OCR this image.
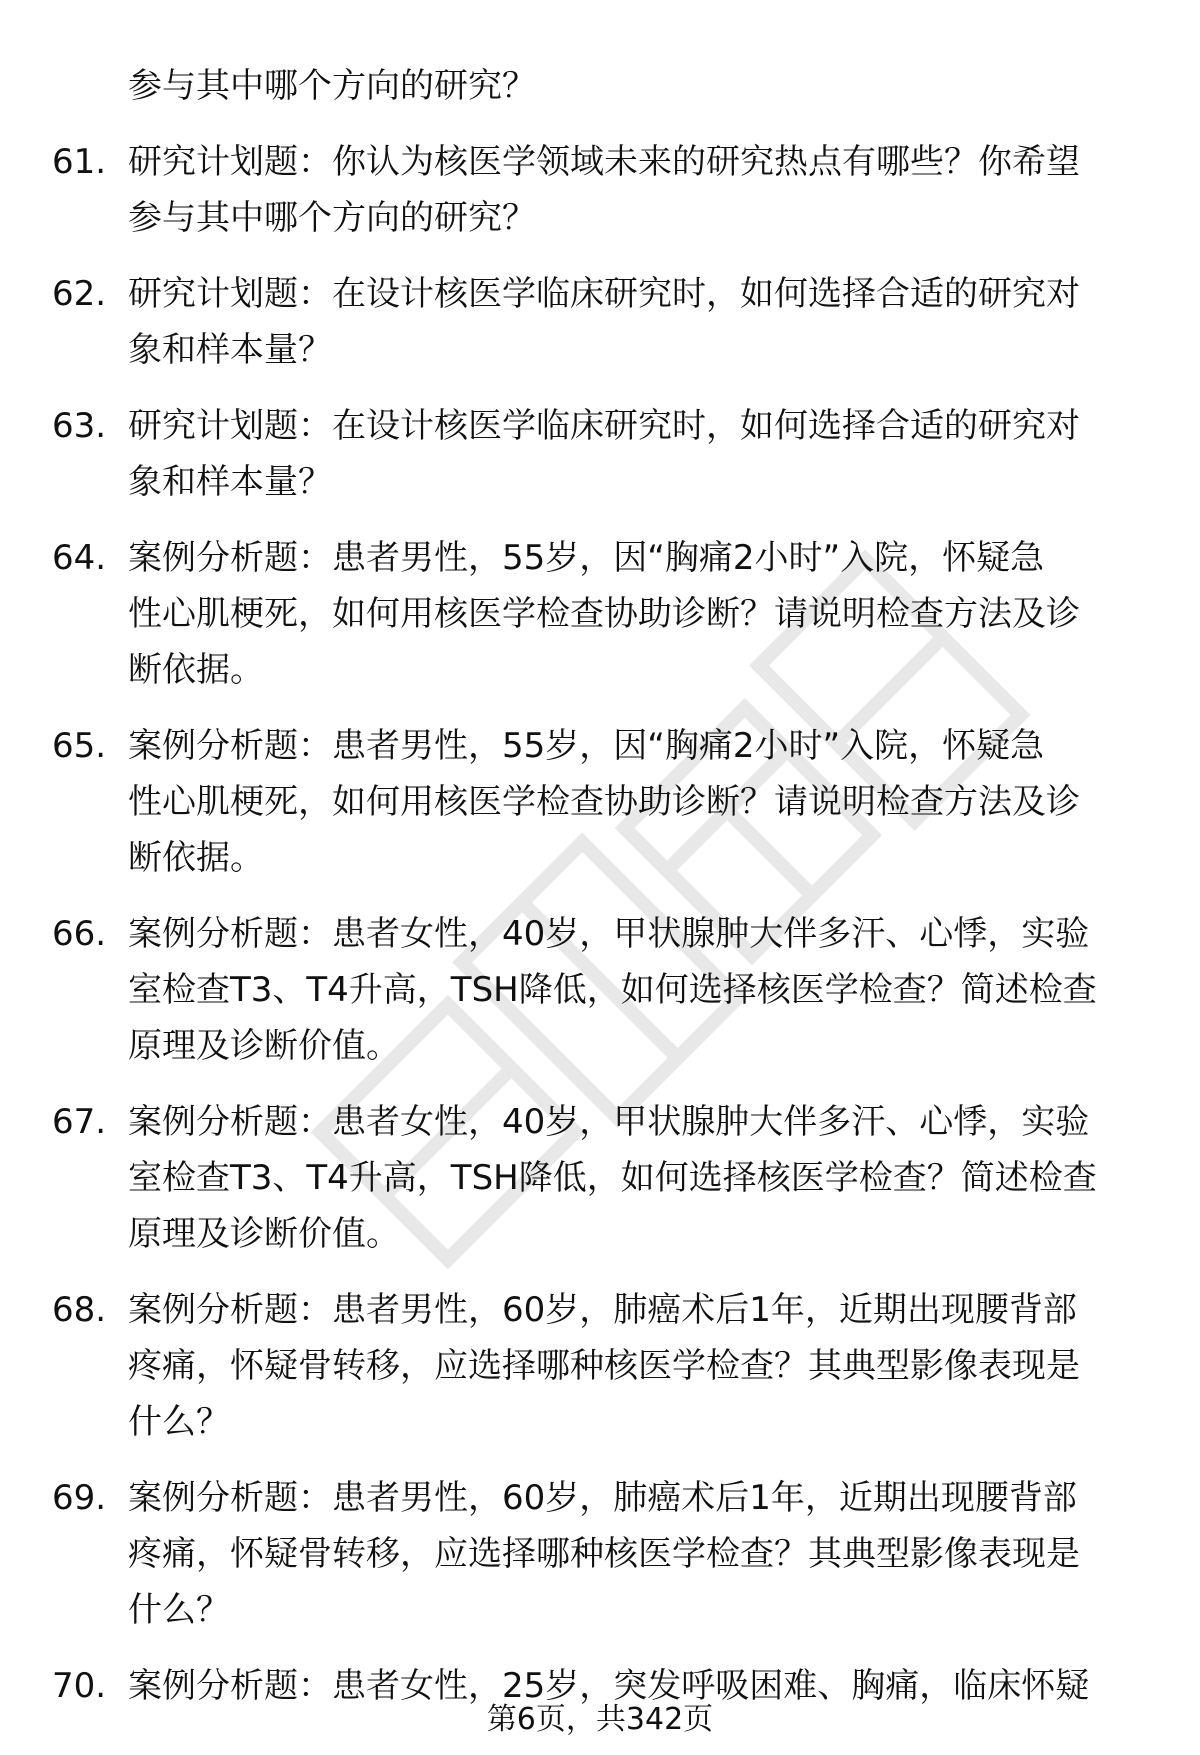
参与其中哪个方向的研究？
61. 研究计划题：你认为核医学领域未来的研究热点有哪些？你希望
参与其中哪个方向的研究？
62. 研究计划题：在设计核医学临床研究时，如何选择合适的研究对
象和样本量？
63. 研究计划题：在设计核医学临床研究时，如何选择合适的研究对
象和样本量？
64. 案例分析题：患者男性，55岁，因“胸痛2小时”入院，怀疑急
性心肌梗死，如何用核医学检查协助诊断？请说明检查方法及诊
断依据。
65. 案例分析题：患者男性，55岁，因“胸痛2小时”入院，怀疑急
性心肌梗死，如何用核医学检查协助诊断？请说明检查方法及诊
断依据。
66. 案例分析题：患者女性，40岁，甲状腺肿大伴多汗、心悸，实验
室检查T3、T4升高，TSH降低，如何选择核医学检查？简述检查
原理及诊断价值。
67. 案例分析题：患者女性，40岁，甲状腺肿大伴多汗、心悸，实验
室检查T3、T4升高，TSH降低，如何选择核医学检查？简述检查
原理及诊断价值。
68. 案例分析题：患者男性，60岁，肺癌术后1年，近期出现腰背部
疼痛，怀疑骨转移，应选择哪种核医学检查？其典型影像表现是
什么？
69. 案例分析题：患者男性，60岁，肺癌术后1年，近期出现腰背部
疼痛，怀疑骨转移，应选择哪种核医学检查？其典型影像表现是
什么？
70. 案例分析题：患者女性，25岁，突发呼吸困难、胸痛，临床怀疑
第6页，共342页
